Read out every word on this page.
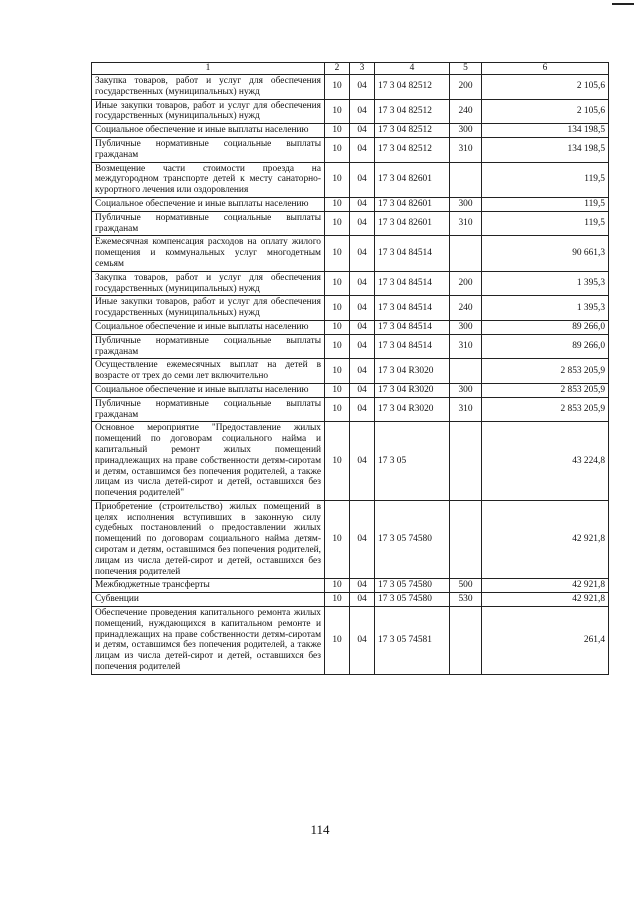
1	2	3	4	5	6
Закупка товаров, работ и услуг для обеспечения государственных (муниципальных) нужд	10	04	17 3 04 82512	200	2 105,6
Иные закупки товаров, работ и услуг для обеспечения государственных (муниципальных) нужд	10	04	17 3 04 82512	240	2 105,6
Социальное обеспечение и иные выплаты населению	10	04	17 3 04 82512	300	134 198,5
Публичные нормативные социальные выплаты гражданам	10	04	17 3 04 82512	310	134 198,5
Возмещение части стоимости проезда на междугородном транспорте детей к месту санаторно-курортного лечения или оздоровления	10	04	17 3 04 82601		119,5
Социальное обеспечение и иные выплаты населению	10	04	17 3 04 82601	300	119,5
Публичные нормативные социальные выплаты гражданам	10	04	17 3 04 82601	310	119,5
Ежемесячная компенсация расходов на оплату жилого помещения и коммунальных услуг многодетным семьям	10	04	17 3 04 84514		90 661,3
Закупка товаров, работ и услуг для обеспечения государственных (муниципальных) нужд	10	04	17 3 04 84514	200	1 395,3
Иные закупки товаров, работ и услуг для обеспечения государственных (муниципальных) нужд	10	04	17 3 04 84514	240	1 395,3
Социальное обеспечение и иные выплаты населению	10	04	17 3 04 84514	300	89 266,0
Публичные нормативные социальные выплаты гражданам	10	04	17 3 04 84514	310	89 266,0
Осуществление ежемесячных выплат на детей в возрасте от трех до семи лет включительно	10	04	17 3 04 R3020		2 853 205,9
Социальное обеспечение и иные выплаты населению	10	04	17 3 04 R3020	300	2 853 205,9
Публичные нормативные социальные выплаты гражданам	10	04	17 3 04 R3020	310	2 853 205,9
Основное мероприятие "Предоставление жилых помещений по договорам социального найма и капитальный ремонт жилых помещений принадлежащих на праве собственности детям-сиротам и детям, оставшимся без попечения родителей, а также лицам из числа детей-сирот и детей, оставшихся без попечения родителей"	10	04	17 3 05		43 224,8
Приобретение (строительство) жилых помещений в целях исполнения вступивших в законную силу судебных постановлений о предоставлении жилых помещений по договорам социального найма детям-сиротам и детям, оставшимся без попечения родителей, лицам из числа детей-сирот и детей, оставшихся без попечения родителей	10	04	17 3 05 74580		42 921,8
Межбюджетные трансферты	10	04	17 3 05 74580	500	42 921,8
Субвенции	10	04	17 3 05 74580	530	42 921,8
Обеспечение проведения капитального ремонта жилых помещений, нуждающихся в капитальном ремонте и принадлежащих на праве собственности детям-сиротам и детям, оставшимся без попечения родителей, а также лицам из числа детей-сирот и детей, оставшихся без попечения родителей	10	04	17 3 05 74581		261,4
114
